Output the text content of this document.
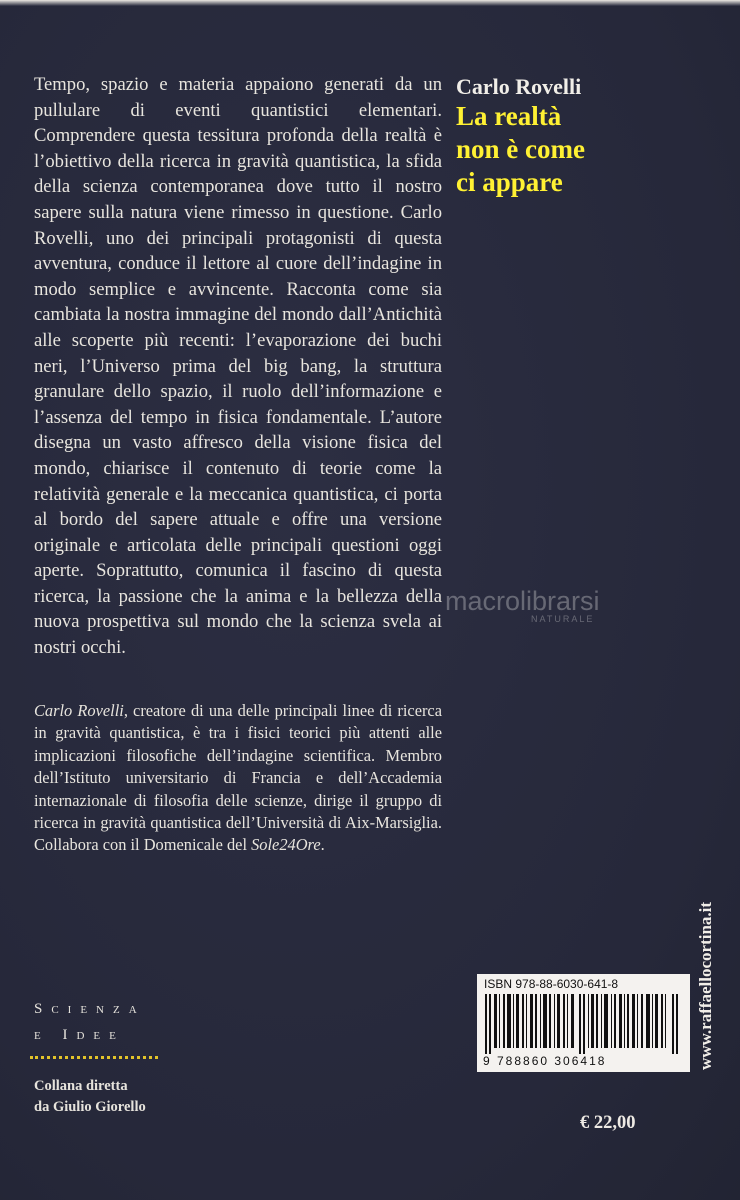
Tempo, spazio e materia appaiono generati da un pullulare di eventi quantistici elementari. Comprendere questa tessitura profonda della realtà è l’obiettivo della ricerca in gravità quantistica, la sfida della scienza contemporanea dove tutto il nostro sapere sulla natura viene rimesso in questione. Carlo Rovelli, uno dei principali protagonisti di questa avventura, conduce il lettore al cuore dell’indagine in modo semplice e avvincente. Racconta come sia cambiata la nostra immagine del mondo dall’Antichità alle scoperte più recenti: l’evaporazione dei buchi neri, l’Universo prima del big bang, la struttura granulare dello spazio, il ruolo dell’informazione e l’assenza del tempo in fisica fondamentale. L’autore disegna un vasto affresco della visione fisica del mondo, chiarisce il contenuto di teorie come la relatività generale e la meccanica quantistica, ci porta al bordo del sapere attuale e offre una versione originale e articolata delle principali questioni oggi aperte. Soprattutto, comunica il fascino di questa ricerca, la passione che la anima e la bellezza della nuova prospettiva sul mondo che la scienza svela ai nostri occhi.

Carlo Rovelli, creatore di una delle principali linee di ricerca in gravità quantistica, è tra i fisici teorici più attenti alle implicazioni filosofiche dell’indagine scientifica. Membro dell’Istituto universitario di Francia e dell’Accademia internazionale di filosofia delle scienze, dirige il gruppo di ricerca in gravità quantistica dell’Università di Aix-Marsiglia. Collabora con il Domenicale del Sole24Ore.

Carlo Rovelli
La realtà
non è come
ci appare
macrolibrarsi
NATURALE
Scienza
e Idee
Collana diretta
da Giulio Giorello
ISBN 978-88-6030-641-8
9 788860 306418
€ 22,00
www.raffaellocortina.it
